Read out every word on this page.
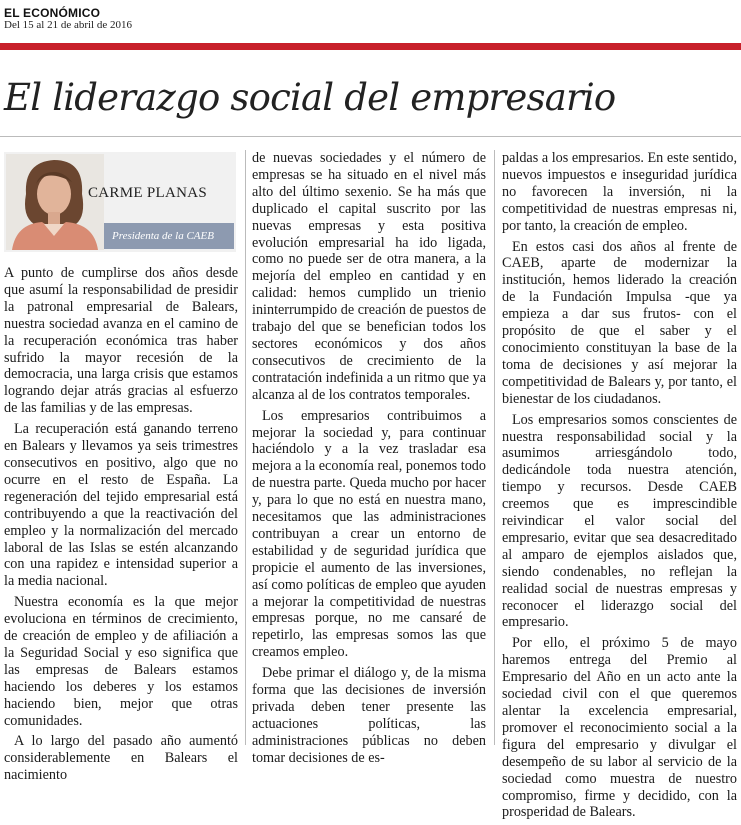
EL ECONÓMICO
Del 15 al 21 de abril de 2016
El liderazgo social del empresario
CARME PLANAS
Presidenta de la CAEB

A punto de cumplirse dos años desde que asumí la responsabilidad de presidir la patronal empresarial de Balears, nuestra sociedad avanza en el camino de la recuperación económica tras haber sufrido la mayor recesión de la democracia, una larga crisis que estamos logrando dejar atrás gracias al esfuerzo de las familias y de las empresas.

La recuperación está ganando terreno en Balears y llevamos ya seis trimestres consecutivos en positivo, algo que no ocurre en el resto de España. La regeneración del tejido empresarial está contribuyendo a que la reactivación del empleo y la normalización del mercado laboral de las Islas se estén alcanzando con una rapidez e intensidad superior a la media nacional.

Nuestra economía es la que mejor evoluciona en términos de crecimiento, de creación de empleo y de afiliación a la Seguridad Social y eso significa que las empresas de Balears estamos haciendo los deberes y los estamos haciendo bien, mejor que otras comunidades.

A lo largo del pasado año aumentó considerablemente en Balears el nacimiento

de nuevas sociedades y el número de empresas se ha situado en el nivel más alto del último sexenio. Se ha más que duplicado el capital suscrito por las nuevas empresas y esta positiva evolución empresarial ha ido ligada, como no puede ser de otra manera, a la mejoría del empleo en cantidad y en calidad: hemos cumplido un trienio ininterrumpido de creación de puestos de trabajo del que se benefician todos los sectores económicos y dos años consecutivos de crecimiento de la contratación indefinida a un ritmo que ya alcanza al de los contratos temporales.

Los empresarios contribuimos a mejorar la sociedad y, para continuar haciéndolo y a la vez trasladar esa mejora a la economía real, ponemos todo de nuestra parte. Queda mucho por hacer y, para lo que no está en nuestra mano, necesitamos que las administraciones contribuyan a crear un entorno de estabilidad y de seguridad jurídica que propicie el aumento de las inversiones, así como políticas de empleo que ayuden a mejorar la competitividad de nuestras empresas porque, no me cansaré de repetirlo, las empresas somos las que creamos empleo.

Debe primar el diálogo y, de la misma forma que las decisiones de inversión privada deben tener presente las actuaciones políticas, las administraciones públicas no deben tomar decisiones de es-

paldas a los empresarios. En este sentido, nuevos impuestos e inseguridad jurídica no favorecen la inversión, ni la competitividad de nuestras empresas ni, por tanto, la creación de empleo.

En estos casi dos años al frente de CAEB, aparte de modernizar la institución, hemos liderado la creación de la Fundación Impulsa -que ya empieza a dar sus frutos- con el propósito de que el saber y el conocimiento constituyan la base de la toma de decisiones y así mejorar la competitividad de Balears y, por tanto, el bienestar de los ciudadanos.

Los empresarios somos conscientes de nuestra responsabilidad social y la asumimos arriesgándolo todo, dedicándole toda nuestra atención, tiempo y recursos. Desde CAEB creemos que es imprescindible reivindicar el valor social del empresario, evitar que sea desacreditado al amparo de ejemplos aislados que, siendo condenables, no reflejan la realidad social de nuestras empresas y reconocer el liderazgo social del empresario.

Por ello, el próximo 5 de mayo haremos entrega del Premio al Empresario del Año en un acto ante la sociedad civil con el que queremos alentar la excelencia empresarial, promover el reconocimiento social a la figura del empresario y divulgar el desempeño de su labor al servicio de la sociedad como muestra de nuestro compromiso, firme y decidido, con la prosperidad de Balears.
